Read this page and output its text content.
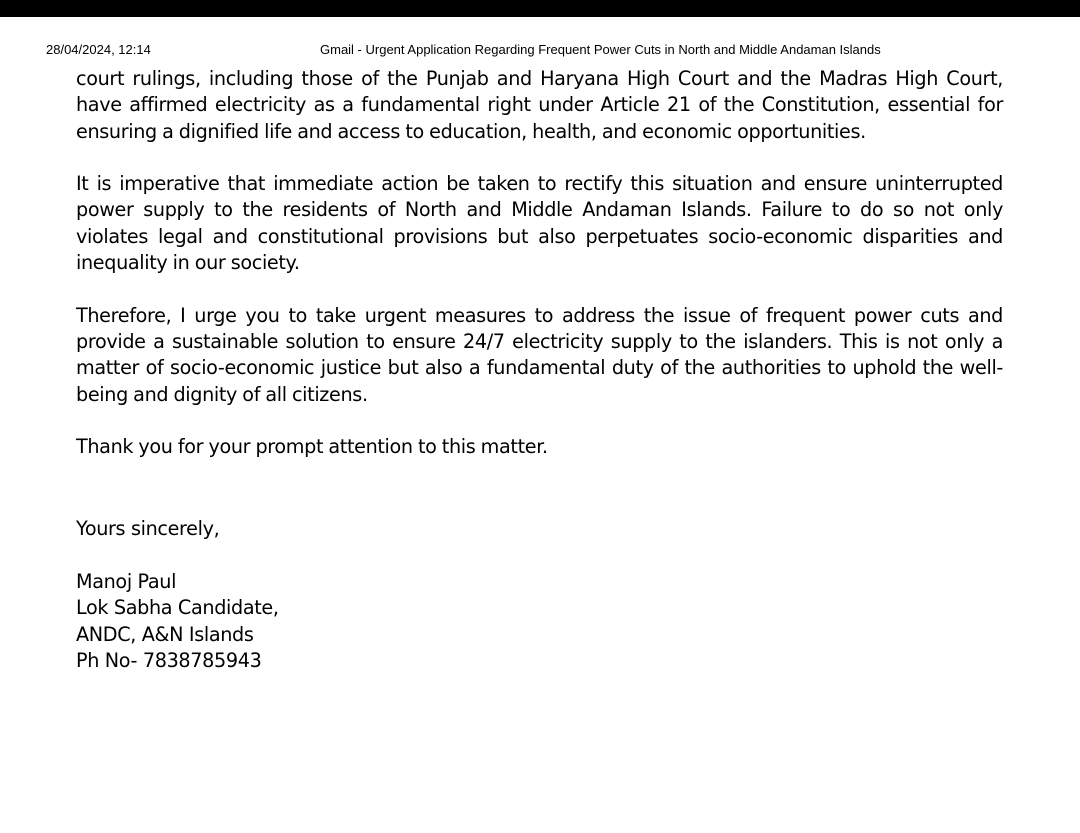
28/04/2024, 12:14	Gmail - Urgent Application Regarding Frequent Power Cuts in North and Middle Andaman Islands

court rulings, including those of the Punjab and Haryana High Court and the Madras High Court, have affirmed electricity as a fundamental right under Article 21 of the Constitution, essential for ensuring a dignified life and access to education, health, and economic opportunities.

It is imperative that immediate action be taken to rectify this situation and ensure uninterrupted power supply to the residents of North and Middle Andaman Islands. Failure to do so not only violates legal and constitutional provisions but also perpetuates socio-economic disparities and inequality in our society.

Therefore, I urge you to take urgent measures to address the issue of frequent power cuts and provide a sustainable solution to ensure 24/7 electricity supply to the islanders. This is not only a matter of socio-economic justice but also a fundamental duty of the authorities to uphold the well-being and dignity of all citizens.

Thank you for your prompt attention to this matter.

Yours sincerely,
Manoj Paul
Lok Sabha Candidate,
ANDC, A&N Islands
Ph No- 7838785943
